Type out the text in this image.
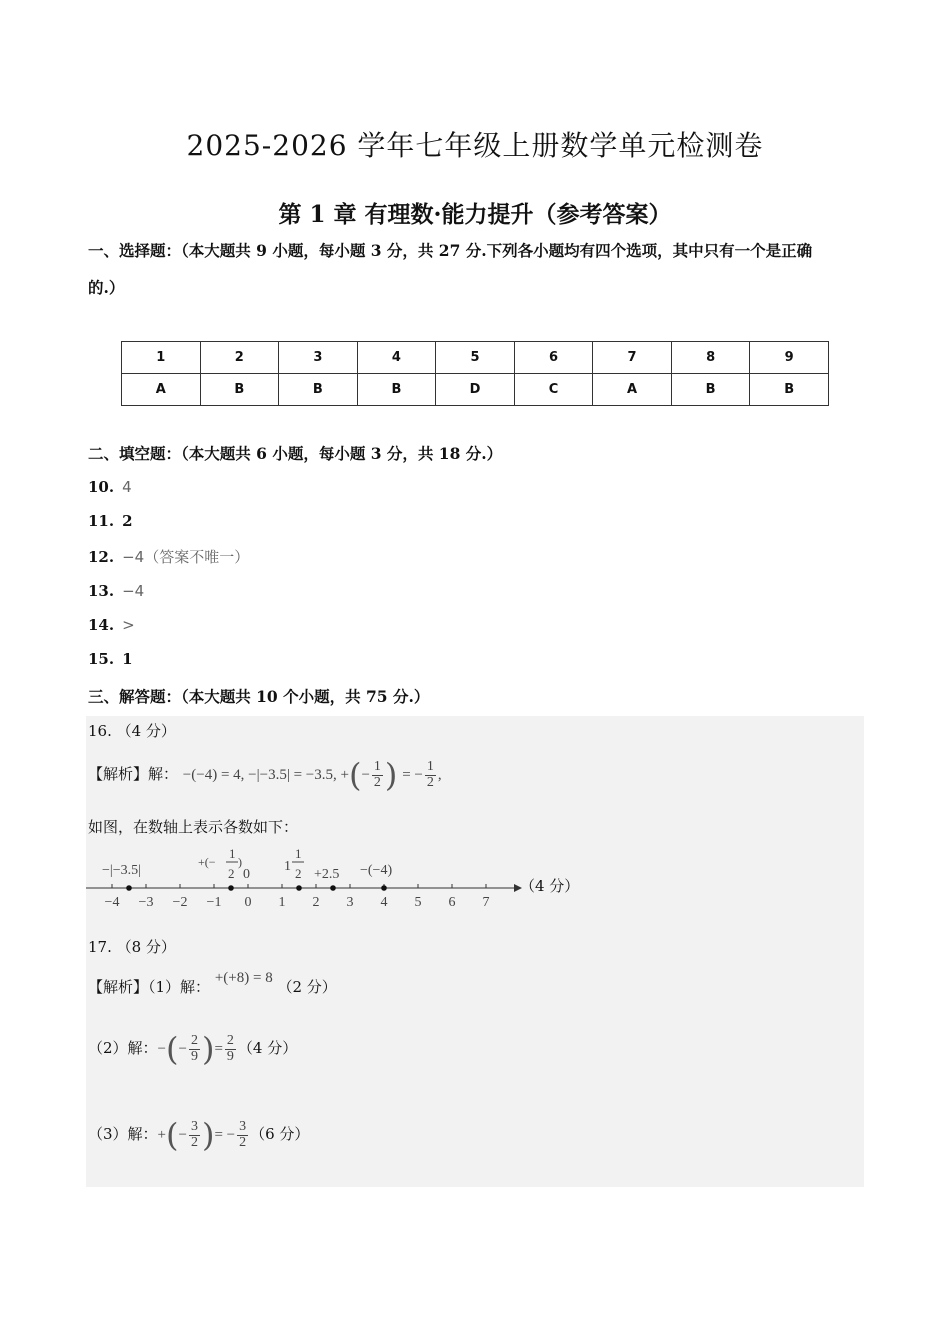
2025-2026 学年七年级上册数学单元检测卷
第 1 章 有理数·能力提升（参考答案）
一、选择题：（本大题共 9 小题，每小题 3 分，共 27 分.下列各小题均有四个选项，其中只有一个是正确
的.）
1	2	3	4	5	6	7	8	9
A	B	B	B	D	C	A	B	B
二、填空题：（本大题共 6 小题，每小题 3 分，共 18 分.）
10. 4
11. 2
12. −4（答案不唯一）
13. −4
14. >
15. 1
三、解答题：（本大题共 10 个小题，共 75 分.）
16. （4 分）
【解析】解： −(−4) = 4, −|−3.5| = −3.5, +(− $\frac{1}{2}$ ) = − $\frac{1}{2}$ ,
如图，在数轴上表示各数如下：
−4 −3 −2 −1 0 1 2 3 4 5 6 7
−|−3.5|
+(−
1
2
)
0
1
1
2 +2.5 −(−4)
（4 分）
17. （8 分）
【解析】（1）解： +(+8) = 8 （2 分）
（2）解：−(− $\frac{2}{9}$ )= $\frac{2}{9} (4$ 分）
（3）解：+(− $\frac{3}{2}$ )= − $\frac{3}{2} (6$ 分）
